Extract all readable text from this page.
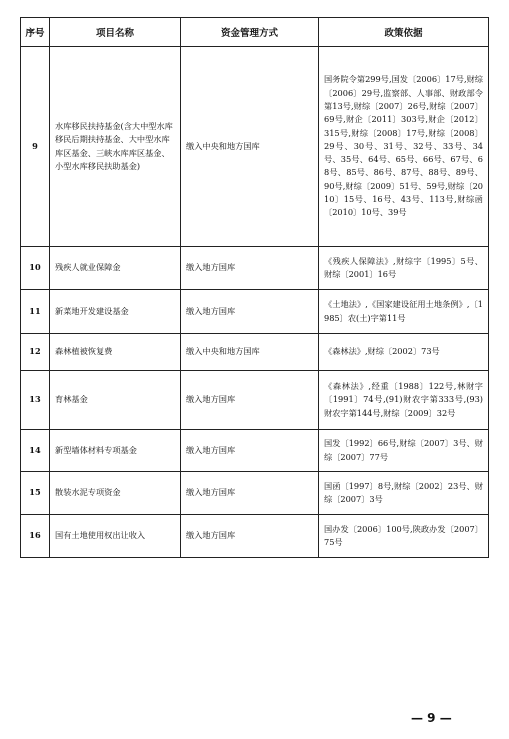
序号	项目名称	资金管理方式	政策依据
9	水库移民扶持基金(含大中型水库移民后期扶持基金、大中型水库库区基金、三峡水库库区基金、小型水库移民扶助基金)	缴入中央和地方国库	国务院令第299号,国发〔2006〕17号,财综〔2006〕29号,监察部、人事部、财政部令第13号,财综〔2007〕26号,财综〔2007〕69号,财企〔2011〕303号,财企〔2012〕315号,财综〔2008〕17号,财综〔2008〕29号、30号、31号、32号、33号、34号、35号、64号、65号、66号、67号、68号、85号、86号、87号、88号、89号、90号,财综〔2009〕51号、59号,财综〔2010〕15号、16号、43号、113号,财综函〔2010〕10号、39号
10	残疾人就业保障金	缴入地方国库	《残疾人保障法》,财综字〔1995〕5号、财综〔2001〕16号
11	新菜地开发建设基金	缴入地方国库	《土地法》,《国家建设征用土地条例》,〔1985〕农(土)字第11号
12	森林植被恢复费	缴入中央和地方国库	《森林法》,财综〔2002〕73号
13	育林基金	缴入地方国库	《森林法》,经重〔1988〕122号,林财字〔1991〕74号,(91)财农字第333号,(93)财农字第144号,财综〔2009〕32号
14	新型墙体材料专项基金	缴入地方国库	国发〔1992〕66号,财综〔2007〕3号、财综〔2007〕77号
15	散装水泥专项资金	缴入地方国库	国函〔1997〕8号,财综〔2002〕23号、财综〔2007〕3号
16	国有土地使用权出让收入	缴入地方国库	国办发〔2006〕100号,陕政办发〔2007〕75号
— 9 —
